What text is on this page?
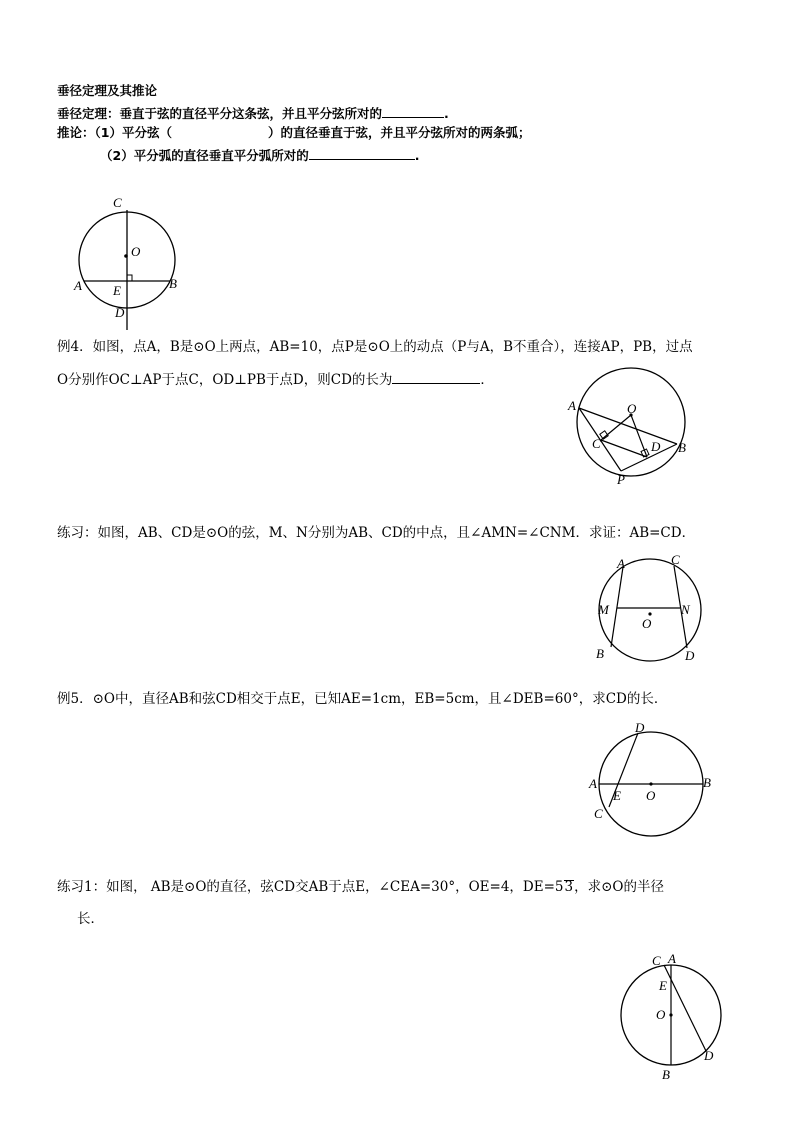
垂径定理及其推论
垂径定理：垂直于弦的直径平分这条弦，并且平分弦所对的	.
推论：（1）平分弦（	）的直径垂直于弦，并且平分弦所对的两条弧；
（2）平分弧的直径垂直平分弧所对的	.
C
O
A E	B
D
例4．如图，点A，B是⊙O上两点，AB=10，点P是⊙O上的动点（P与A，B不重合），连接AP，PB，过点
O分别作OC⊥AP于点C，OD⊥PB于点D，则CD的长为	．
A	O
C	D B
P
练习：如图，AB、CD是⊙O的弦，M、N分别为AB、CD的中点，且∠AMN=∠CNM．求证：AB=CD．
A	C
M	N
O
B	D
例5．⊙O中，直径AB和弦CD相交于点E，已知AE=1cm，EB=5cm，且∠DEB=60°，求CD的长．
D
A
E O
B
C
练习1：如图， AB是⊙O的直径，弦CD交AB于点E，∠CEA=30°，OE=4，DE=53，求⊙O的半径
长．
C A
E
O
D
B
